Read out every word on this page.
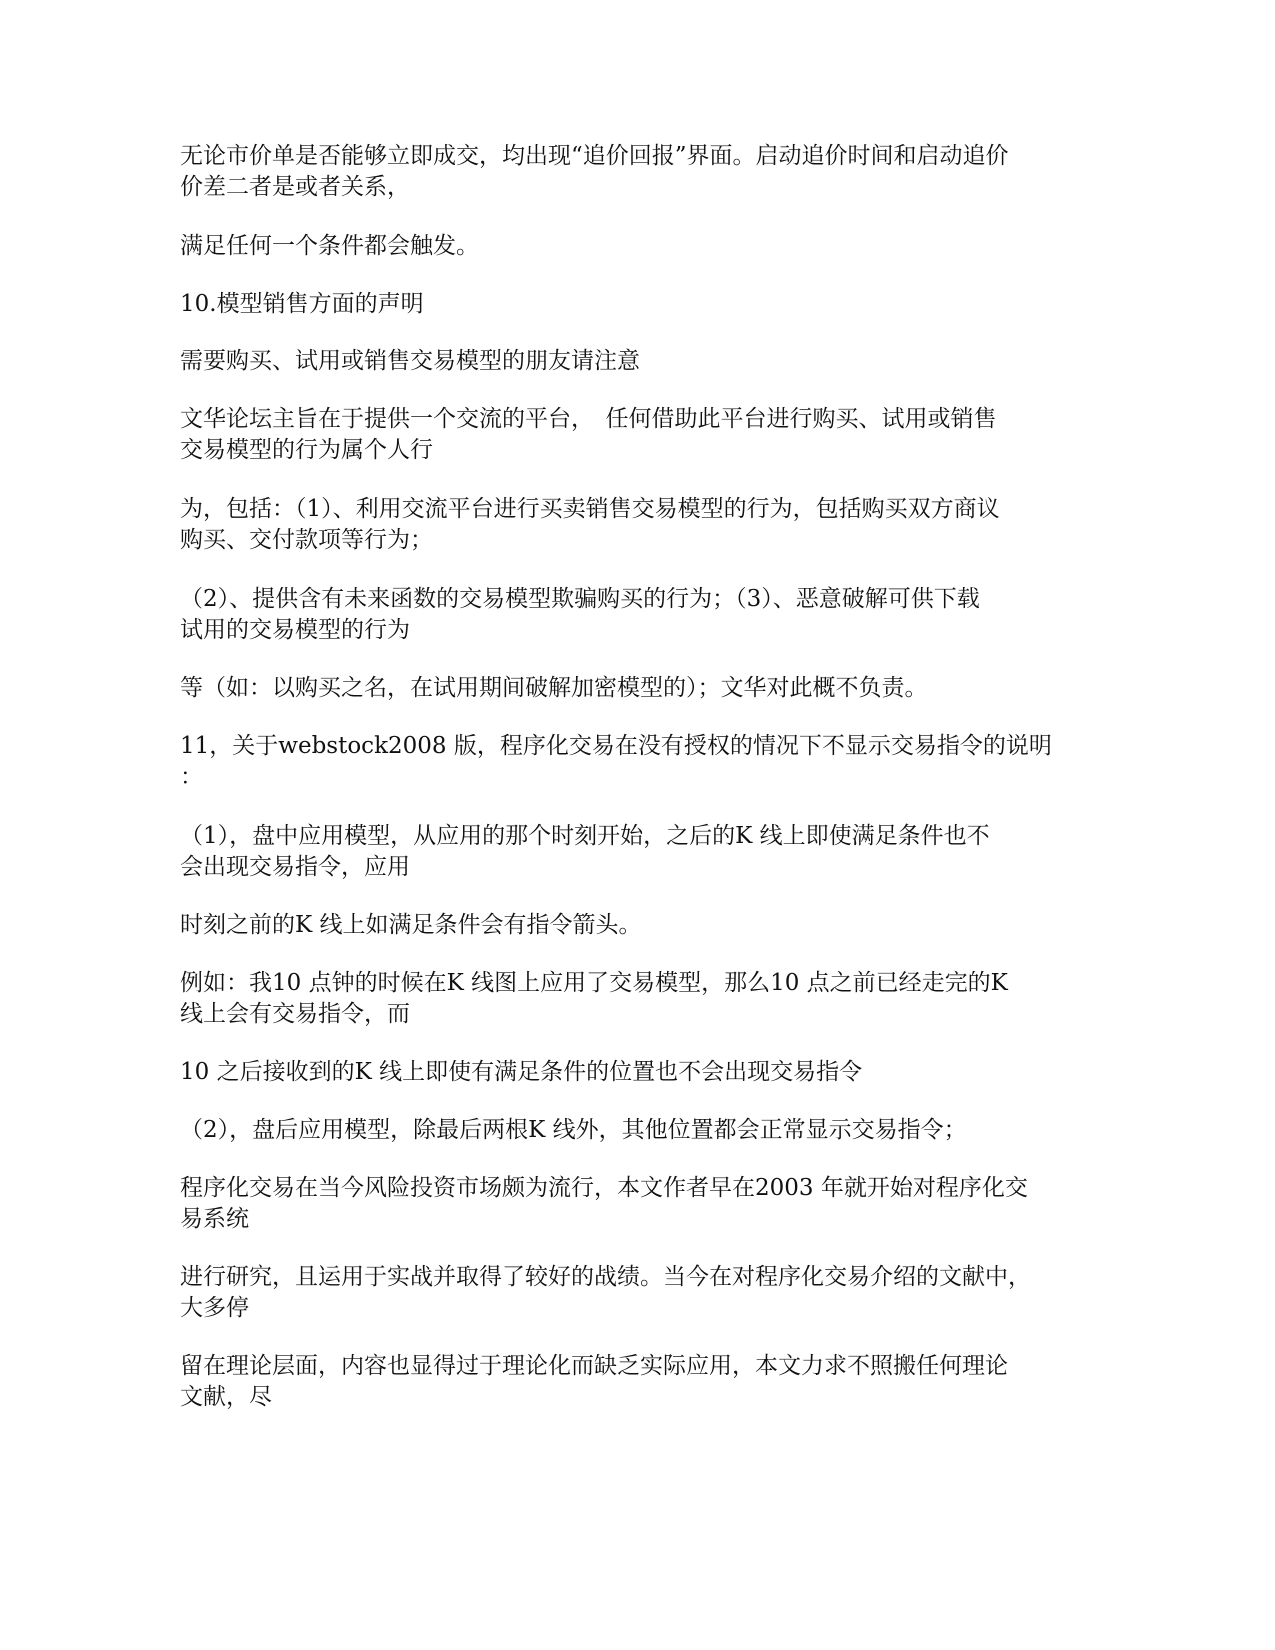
无论市价单是否能够立即成交，均出现“追价回报”界面。启动追价时间和启动追价
价差二者是或者关系，

满足任何一个条件都会触发。

10.模型销售方面的声明

需要购买、试用或销售交易模型的朋友请注意

文华论坛主旨在于提供一个交流的平台，　任何借助此平台进行购买、试用或销售
交易模型的行为属个人行

为，包括：（1）、利用交流平台进行买卖销售交易模型的行为，包括购买双方商议
购买、交付款项等行为；

（2）、提供含有未来函数的交易模型欺骗购买的行为；（3）、恶意破解可供下载
试用的交易模型的行为

等（如：以购买之名，在试用期间破解加密模型的）；文华对此概不负责。

11，关于webstock2008 版，程序化交易在没有授权的情况下不显示交易指令的说明
：

（1），盘中应用模型，从应用的那个时刻开始，之后的K 线上即使满足条件也不
会出现交易指令，应用

时刻之前的K 线上如满足条件会有指令箭头。

例如：我10 点钟的时候在K 线图上应用了交易模型，那么10 点之前已经走完的K
线上会有交易指令，而

10 之后接收到的K 线上即使有满足条件的位置也不会出现交易指令

（2），盘后应用模型，除最后两根K 线外，其他位置都会正常显示交易指令；

程序化交易在当今风险投资市场颇为流行，本文作者早在2003 年就开始对程序化交
易系统

进行研究，且运用于实战并取得了较好的战绩。当今在对程序化交易介绍的文献中，
大多停

留在理论层面，内容也显得过于理论化而缺乏实际应用，本文力求不照搬任何理论
文献，尽
